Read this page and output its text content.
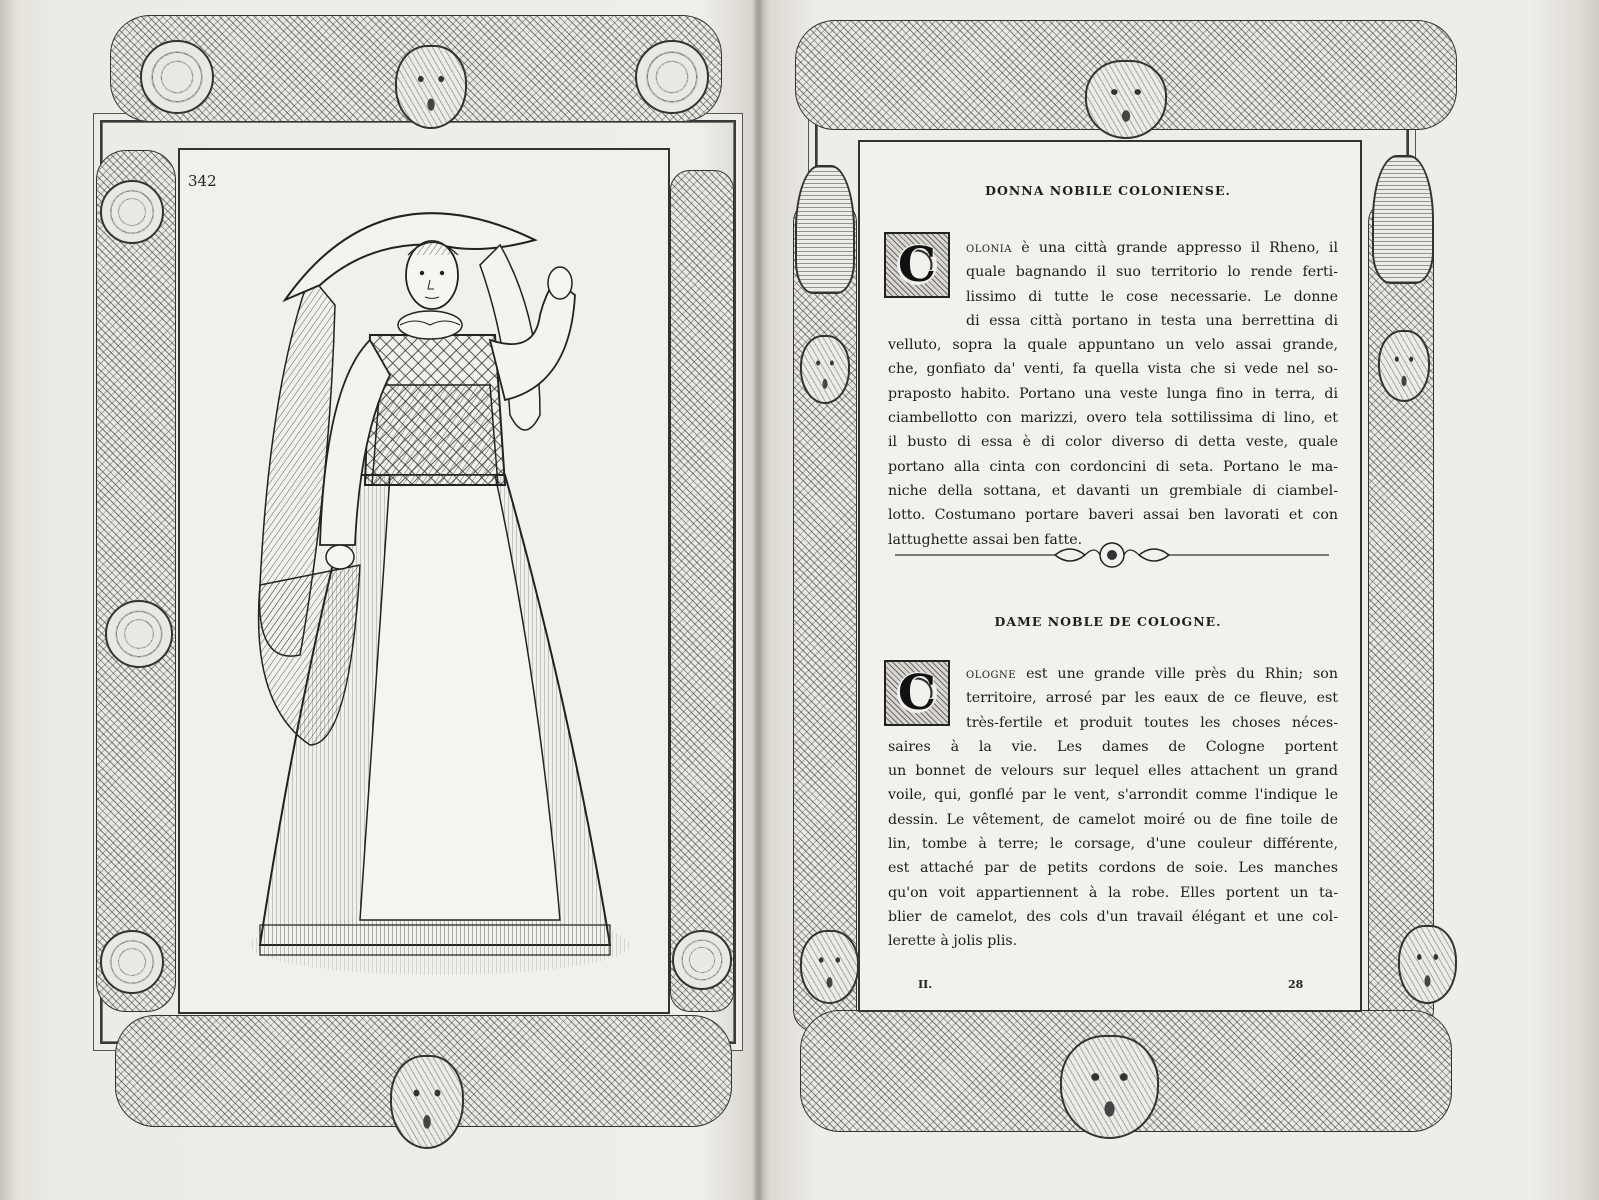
342
DONNA NOBILE COLONIENSE.
C	olonia è una città grande appresso il Rheno, il
quale bagnando il suo territorio lo rende ferti-
lissimo di tutte le cose necessarie. Le donne
di essa città portano in testa una berrettina di
velluto, sopra la quale appuntano un velo assai grande,
che, gonfiato da' venti, fa quella vista che si vede nel so-
praposto habito. Portano una veste lunga fino in terra, di
ciambellotto con marizzi, overo tela sottilissima di lino, et
il busto di essa è di color diverso di detta veste, quale
portano alla cinta con cordoncini di seta. Portano le ma-
niche della sottana, et davanti un grembiale di ciambel-
lotto. Costumano portare baveri assai ben lavorati et con
lattughette assai ben fatte.
DAME NOBLE DE COLOGNE.
C	ologne est une grande ville près du Rhin; son
territoire, arrosé par les eaux de ce fleuve, est
très-fertile et produit toutes les choses néces-
saires à la vie. Les dames de Cologne portent
un bonnet de velours sur lequel elles attachent un grand
voile, qui, gonflé par le vent, s'arrondit comme l'indique le
dessin. Le vêtement, de camelot moiré ou de fine toile de
lin, tombe à terre; le corsage, d'une couleur différente,
est attaché par de petits cordons de soie. Les manches
qu'on voit appartiennent à la robe. Elles portent un ta-
blier de camelot, des cols d'un travail élégant et une col-
lerette à jolis plis.
II.	28
